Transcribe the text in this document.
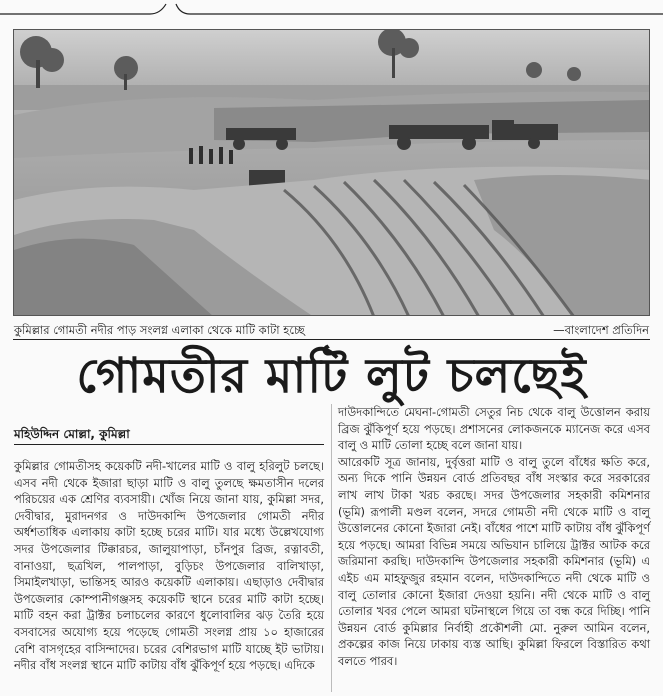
কুমিল্লার গোমতী নদীর পাড় সংলগ্ন এলাকা থেকে মাটি কাটা হচ্ছে	—বাংলাদেশ প্রতিদিন
গোমতীর মাটি লুট চলছেই
মহিউদ্দিন মোল্লা, কুমিল্লা

কুমিল্লার গোমতীসহ কয়েকটি নদী-খালের মাটি ও বালু হরিলুট চলছে। এসব নদী থেকে ইজারা ছাড়া মাটি ও বালু তুলছে ক্ষমতাসীন দলের পরিচয়ের এক শ্রেণির ব্যবসায়ী। খোঁজ নিয়ে জানা যায়, কুমিল্লা সদর, দেবীদ্বার, মুরাদনগর ও দাউদকান্দি উপজেলার গোমতী নদীর অর্ধশতাধিক এলাকায় কাটা হচ্ছে চরের মাটি। যার মধ্যে উল্লেখযোগ্য সদর উপজেলার টিক্কারচর, জালুয়াপাড়া, চাঁনপুর ব্রিজ, রত্নাবতী, বানাওয়া, ছত্রখিল, পালপাড়া, বুড়িচং উপজেলার বালিখাড়া, সিমাইলখাড়া, ভান্তিসহ আরও কয়েকটি এলাকায়। এছাড়াও দেবীদ্বার উপজেলার কোম্পানীগঞ্জসহ কয়েকটি স্থানে চরের মাটি কাটা হচ্ছে। মাটি বহন করা ট্রাক্টর চলাচলের কারণে ধুলোবালির ঝড় তৈরি হয়ে বসবাসের অযোগ্য হয়ে পড়েছে গোমতী সংলগ্ন প্রায় ১০ হাজারের বেশি বাসগৃহের বাসিন্দাদের। চরের বেশিরভাগ মাটি যাচ্ছে ইট ভাটায়। নদীর বাঁধ সংলগ্ন স্থানে মাটি কাটায় বাঁধ ঝুঁকিপূর্ণ হয়ে পড়ছে। এদিকে

দাউদকান্দিতে মেঘনা-গোমতী সেতুর নিচ থেকে বালু উত্তোলন করায় ব্রিজ ঝুঁকিপূর্ণ হয়ে পড়ছে। প্রশাসনের লোকজনকে ম্যানেজ করে এসব বালু ও মাটি তোলা হচ্ছে বলে জানা যায়।

আরেকটি সূত্র জানায়, দুর্বৃত্তরা মাটি ও বালু তুলে বাঁধের ক্ষতি করে, অন্য দিকে পানি উন্নয়ন বোর্ড প্রতিবছর বাঁধ সংস্কার করে সরকারের লাখ লাখ টাকা খরচ করছে। সদর উপজেলার সহকারী কমিশনার (ভূমি) রূপালী মণ্ডল বলেন, সদরে গোমতী নদী থেকে মাটি ও বালু উত্তোলনের কোনো ইজারা নেই। বাঁধের পাশে মাটি কাটায় বাঁধ ঝুঁকিপূর্ণ হয়ে পড়ছে। আমরা বিভিন্ন সময়ে অভিযান চালিয়ে ট্রাক্টর আটক করে জরিমানা করছি। দাউদকান্দি উপজেলার সহকারী কমিশনার (ভূমি) এ এইচ এম মাহফুজুর রহমান বলেন, দাউদকান্দিতে নদী থেকে মাটি ও বালু তোলার কোনো ইজারা দেওয়া হয়নি। নদী থেকে মাটি ও বালু তোলার খবর পেলে আমরা ঘটনাস্থলে গিয়ে তা বন্ধ করে দিচ্ছি। পানি উন্নয়ন বোর্ড কুমিল্লার নির্বাহী প্রকৌশলী মো. নুরুল আমিন বলেন, প্রকল্পের কাজ নিয়ে ঢাকায় ব্যস্ত আছি। কুমিল্লা ফিরলে বিস্তারিত কথা বলতে পারব।
